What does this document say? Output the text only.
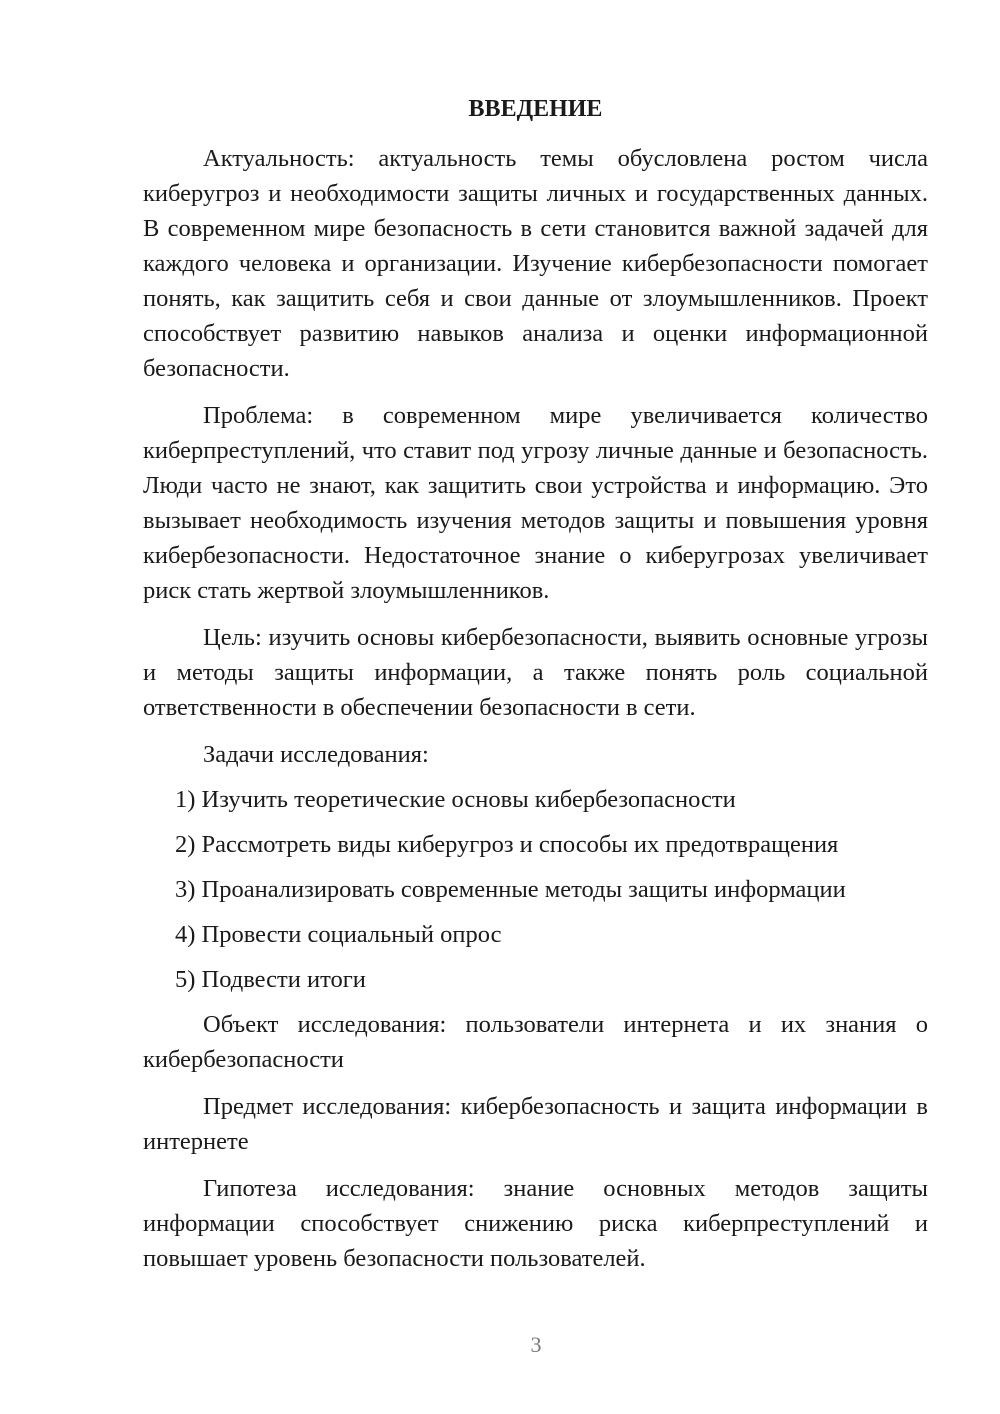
ВВЕДЕНИЕ

Актуальность: актуальность темы обусловлена ростом числа киберугроз и необходимости защиты личных и государственных данных. В современном мире безопасность в сети становится важной задачей для каждого человека и организации. Изучение кибербезопасности помогает понять, как защитить себя и свои данные от злоумышленников. Проект способствует развитию навыков анализа и оценки информационной безопасности.

Проблема: в современном мире увеличивается количество киберпреступлений, что ставит под угрозу личные данные и безопасность. Люди часто не знают, как защитить свои устройства и информацию. Это вызывает необходимость изучения методов защиты и повышения уровня кибербезопасности. Недостаточное знание о киберугрозах увеличивает риск стать жертвой злоумышленников.

Цель: изучить основы кибербезопасности, выявить основные угрозы и методы защиты информации, а также понять роль социальной ответственности в обеспечении безопасности в сети.

Задачи исследования:

1) Изучить теоретические основы кибербезопасности
2) Рассмотреть виды киберугроз и способы их предотвращения
3) Проанализировать современные методы защиты информации
4) Провести социальный опрос
5) Подвести итоги

Объект исследования: пользователи интернета и их знания о кибербезопасности

Предмет исследования: кибербезопасность и защита информации в интернете

Гипотеза исследования: знание основных методов защиты информации способствует снижению риска киберпреступлений и повышает уровень безопасности пользователей.

3
